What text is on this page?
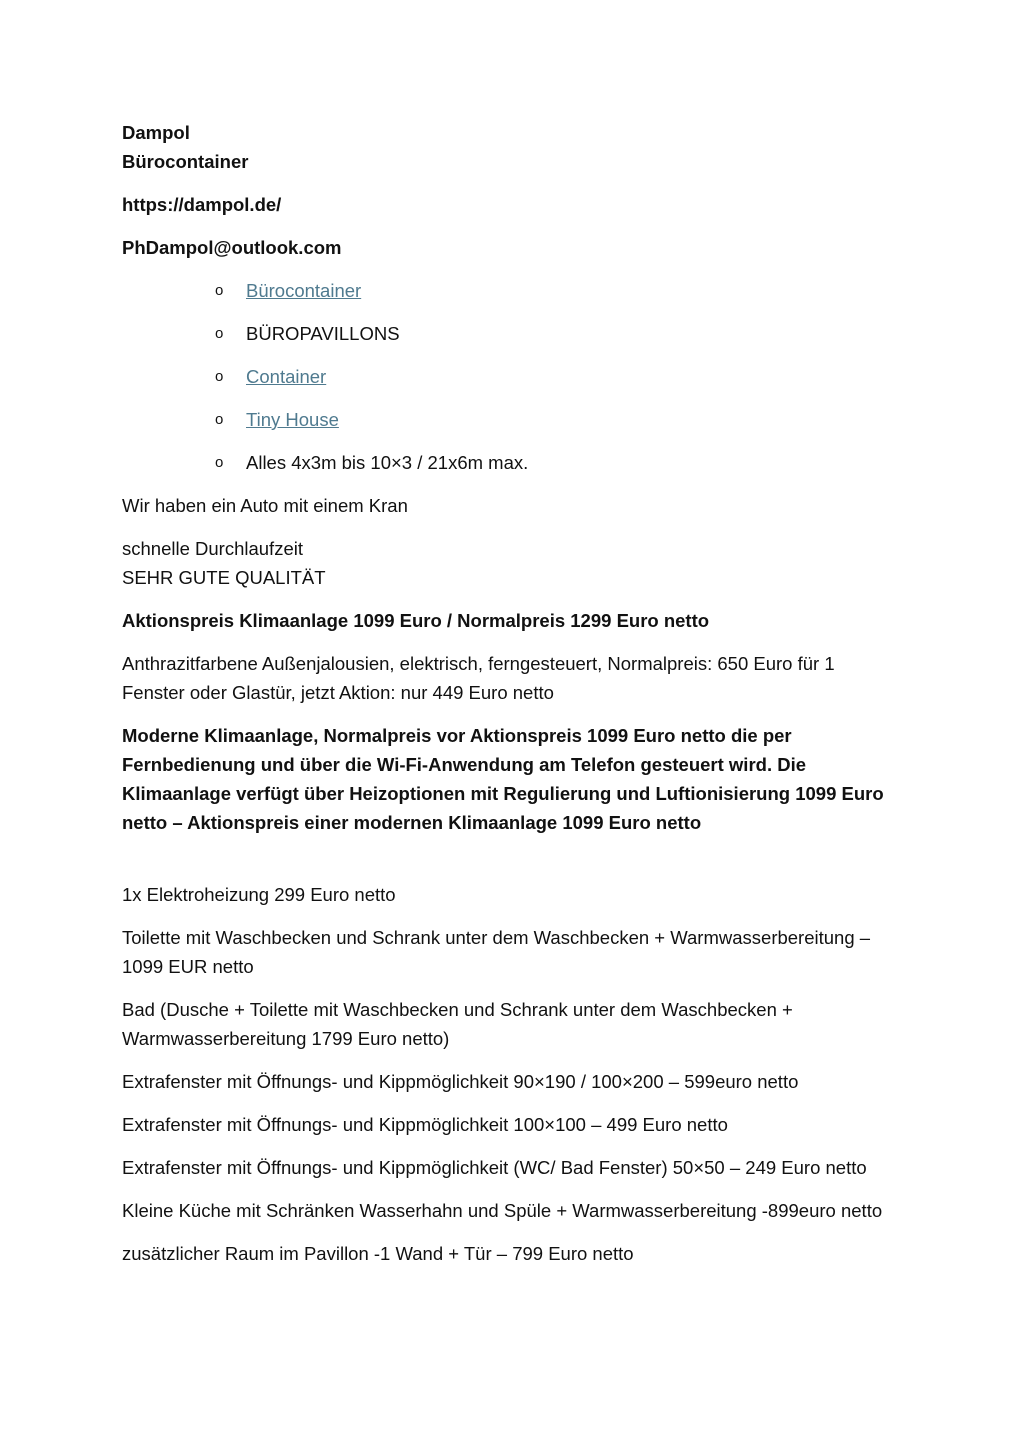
Dampol
Bürocontainer

https://dampol.de/

PhDampol@outlook.com

o Bürocontainer
o BÜROPAVILLONS
o Container
o Tiny House
o Alles 4x3m bis 10×3 / 21x6m max.

Wir haben ein Auto mit einem Kran

schnelle Durchlaufzeit
SEHR GUTE QUALITÄT

Aktionspreis Klimaanlage 1099 Euro / Normalpreis 1299 Euro netto

Anthrazitfarbene Außenjalousien, elektrisch, ferngesteuert, Normalpreis: 650 Euro für 1 Fenster oder Glastür, jetzt Aktion: nur 449 Euro netto

Moderne Klimaanlage, Normalpreis vor Aktionspreis 1099 Euro netto die per Fernbedienung und über die Wi-Fi-Anwendung am Telefon gesteuert wird. Die Klimaanlage verfügt über Heizoptionen mit Regulierung und Luftionisierung 1099 Euro netto – Aktionspreis einer modernen Klimaanlage 1099 Euro netto

1x Elektroheizung 299 Euro netto

Toilette mit Waschbecken und Schrank unter dem Waschbecken + Warmwasserbereitung – 1099 EUR netto

Bad (Dusche + Toilette mit Waschbecken und Schrank unter dem Waschbecken + Warmwasserbereitung 1799 Euro netto)

Extrafenster mit Öffnungs- und Kippmöglichkeit 90×190 / 100×200 – 599euro netto

Extrafenster mit Öffnungs- und Kippmöglichkeit 100×100 – 499 Euro netto

Extrafenster mit Öffnungs- und Kippmöglichkeit (WC/ Bad Fenster) 50×50 – 249 Euro netto

Kleine Küche mit Schränken Wasserhahn und Spüle + Warmwasserbereitung -899euro netto

zusätzlicher Raum im Pavillon -1 Wand + Tür – 799 Euro netto
